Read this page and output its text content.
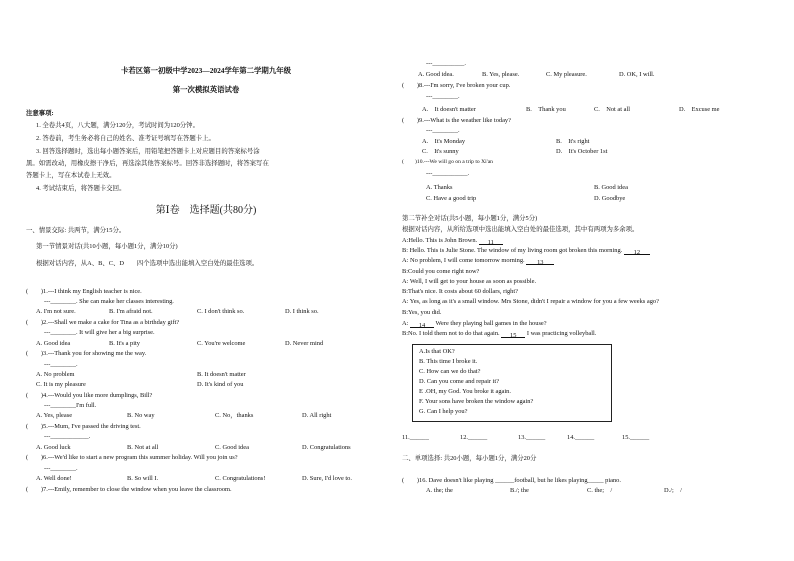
卡若区第一初级中学2023—2024学年第二学期九年级
第一次模拟英语试卷
注意事项:
1. 全卷共4页，八大题，满分120分，考试时间为120分钟。
2. 答卷前，考生务必将自己的姓名、准考证号填写在答题卡上。
3. 回答选择题时，选出每小题答案后，用铅笔把答题卡上对应题目的答案标号涂
黑。如需改动，用橡皮擦干净后，再选涂其他答案标号。回答非选择题时，将答案写在
答题卡上，写在本试卷上无效。
4. 考试结束后，将答题卡交回。
第Ⅰ卷　选择题(共80分)
一、情景交际: 共两节，满分15分。
第一节情景对话(共10小题，每小题1分，满分10分)
根据对话内容，从A、B、C、D　　四个选项中选出能填入空白处的最佳选项。
(　　)1.---I think my English teacher is nice.
---________. She can make her classes interesting.
A. I'm not sure.	B. I'm afraid not.	C. I don't think so.	D. I think so.
(　　)2.---Shall we make a cake for Tina as a birthday gift?
---________. It will give her a big surprise.
A. Good idea	B. It's a pity	C. You're welcome	D. Never mind
(　　)3.---Thank you for showing me the way.
---________.
A. No problem	B. It doesn't matter
C. It is my pleasure	D. It's kind of you
(　　)4.---Would you like more dumplings, Bill?
---________I'm full.
A. Yes, please	B. No way	C. No，thanks	D. All right
(　　)5.---Mum, I've passed the driving test.
---____________.
A. Good luck	B. Not at all	C. Good idea	D. Congratulations
(　　)6.---We'd like to start a new program this summer holiday. Will you join us?
---________.
A. Well done!	B. So will I.	C. Congratulations!	D. Sure, I'd love to.
(　　)7.---Emily, remember to close the window when you leave the classroom.
---__________.
A. Good idea.	B. Yes, please.	C. My pleasure.	D. OK, I will.
(　　)8.---I'm sorry, I've broken your cup.
---________.
A.　It doesn't matter	B.　Thank you	C.　Not at all	D.　Excuse me
(　　)9.---What is the weather like today?
---________.
A.　It's Monday	B.　It's right
C.　It's sunny	D.　It's October 1st
(　　)10.---We will go on a trip to Xi'an
---___________.
A. Thanks	B. Good idea
C. Have a good trip	D. Goodbye
第二节补全对话(共5小题，每小题1分，满分5分)
根据对话内容，从所给选项中选出能填入空白处的最佳选项，其中有两项为多余项。
A:Hello. This is John Brown. 11
B: Hello. This is Julie Stone. The window of my living room got broken this morning. 12
A: No problem, I will come tomorrow morning. 13
B:Could you come right now?
A: Well, I will get to your house as soon as possible.
B:That's nice. It costs about 60 dollars, right?
A: Yes, as long as it's a small window. Mrs Stone, didn't I repair a window for you a few weeks ago?
B:Yes, you did.
A: 14 Were they playing ball games in the house?
B:No. I told them not to do that again. 15 I was practicing volleyball.
A.Is that OK?
B. This time I broke it.
C. How can we do that?
D. Can you come and repair it?
E .OH, my God. You broke it again.
F. Your sons have broken the window again?
G. Can I help you?
11.______	12.______	13.______	14.______	15.______
二、单项选择: 共20小题，每小题1分，满分20分
(　　)16. Dave doesn't like playing ______football, but he likes playing_____ piano.
A. the; the	B./; the	C. the;　/	D./;　/
